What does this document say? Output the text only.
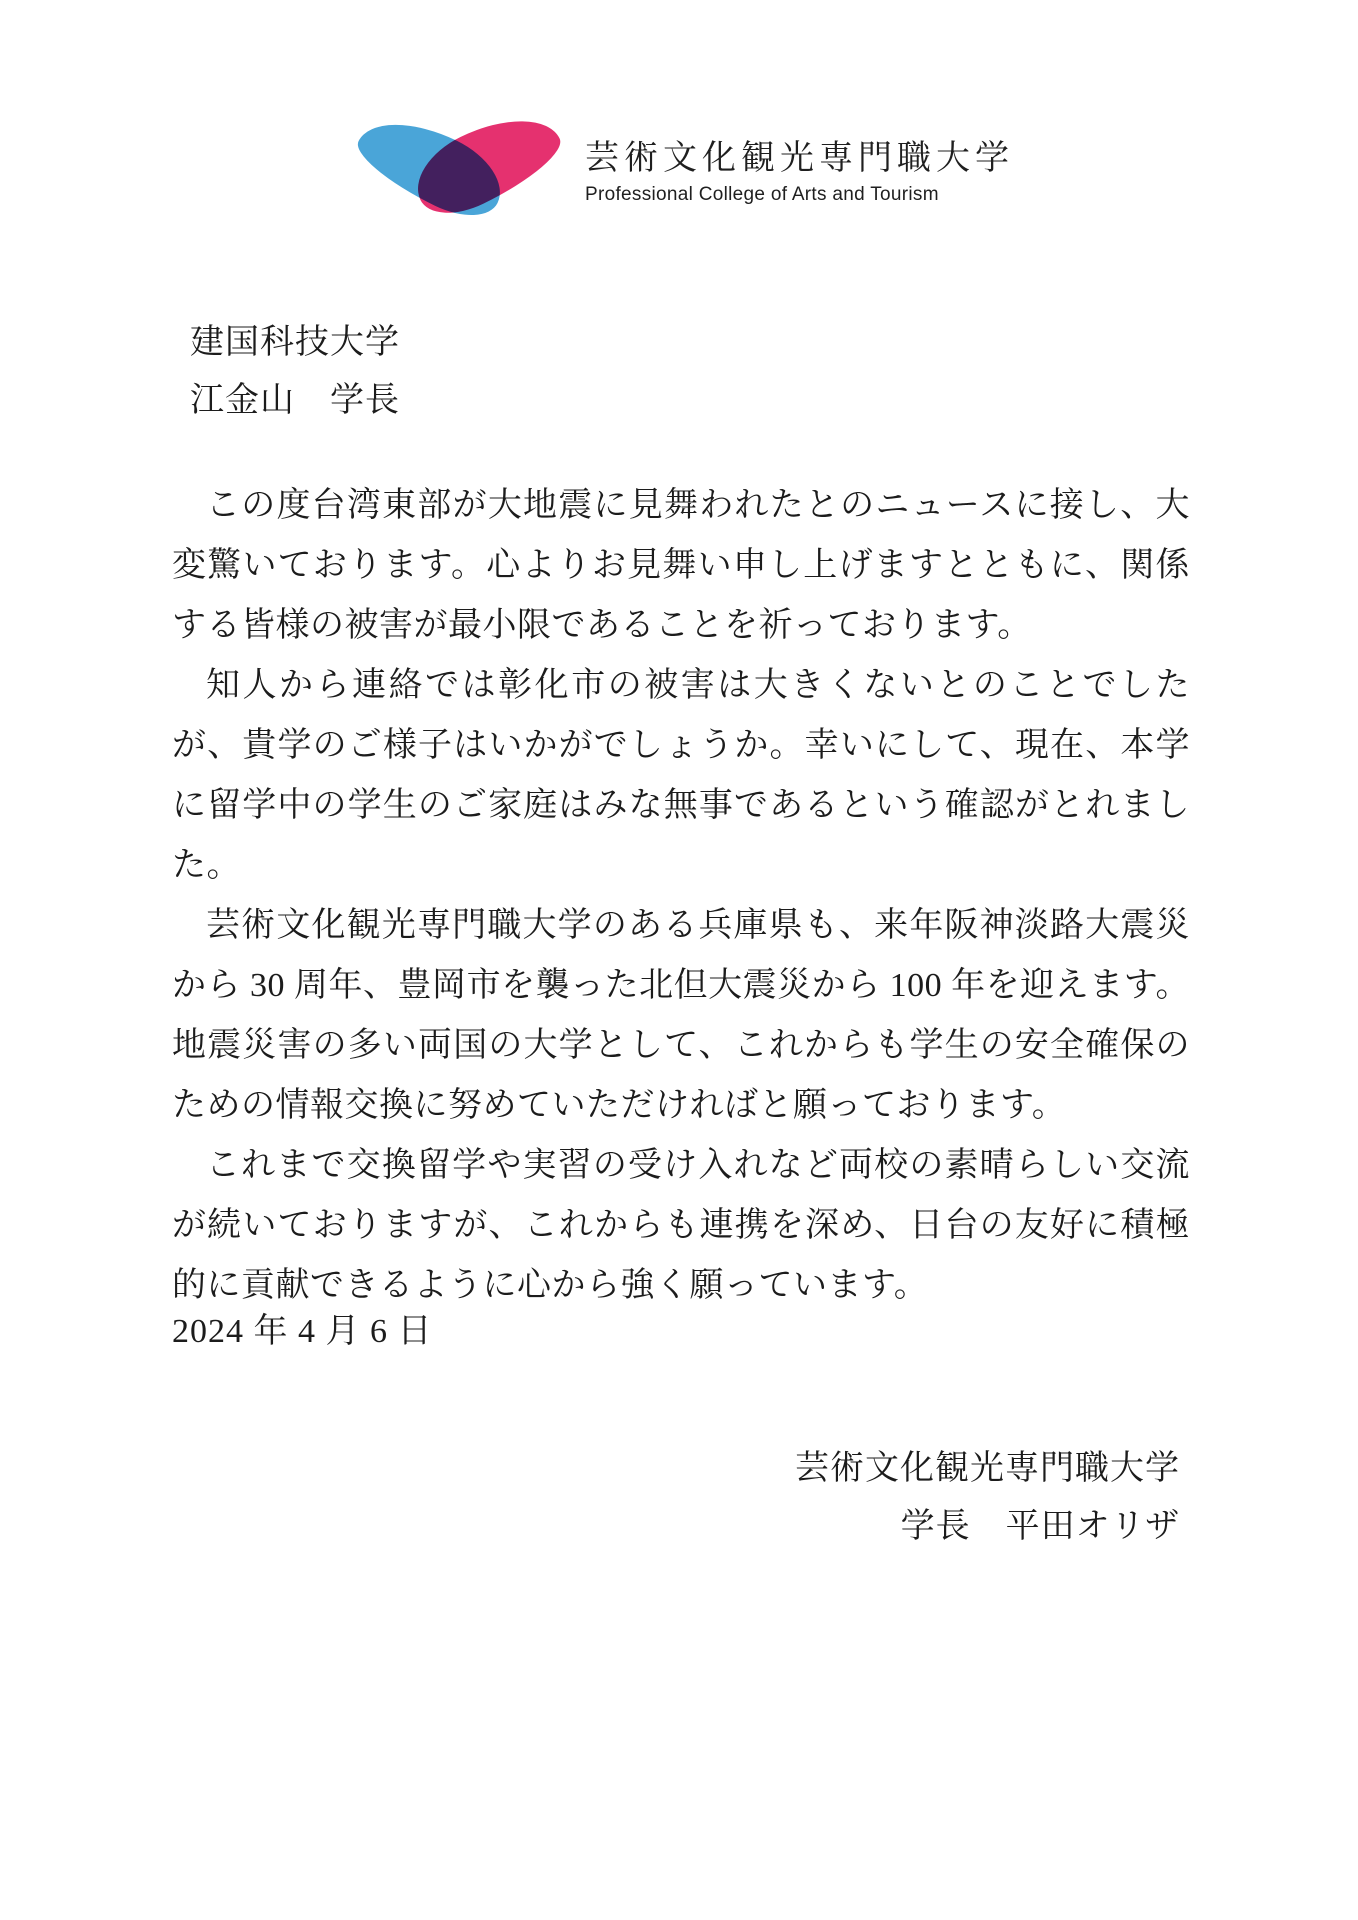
芸術文化観光専門職大学
Professional College of Arts and Tourism
建国科技大学
江金山　学長

この度台湾東部が大地震に見舞われたとのニュースに接し、大変驚いております。心よりお見舞い申し上げますとともに、関係する皆様の被害が最小限であることを祈っております。

知人から連絡では彰化市の被害は大きくないとのことでしたが、貴学のご様子はいかがでしょうか。幸いにして、現在、本学に留学中の学生のご家庭はみな無事であるという確認がとれました。

芸術文化観光専門職大学のある兵庫県も、来年阪神淡路大震災から 30 周年、豊岡市を襲った北但大震災から 100 年を迎えます。地震災害の多い両国の大学として、これからも学生の安全確保のための情報交換に努めていただければと願っております。

これまで交換留学や実習の受け入れなど両校の素晴らしい交流が続いておりますが、これからも連携を深め、日台の友好に積極的に貢献できるように心から強く願っています。

2024 年 4 月 6 日
芸術文化観光専門職大学
学長　平田オリザ
